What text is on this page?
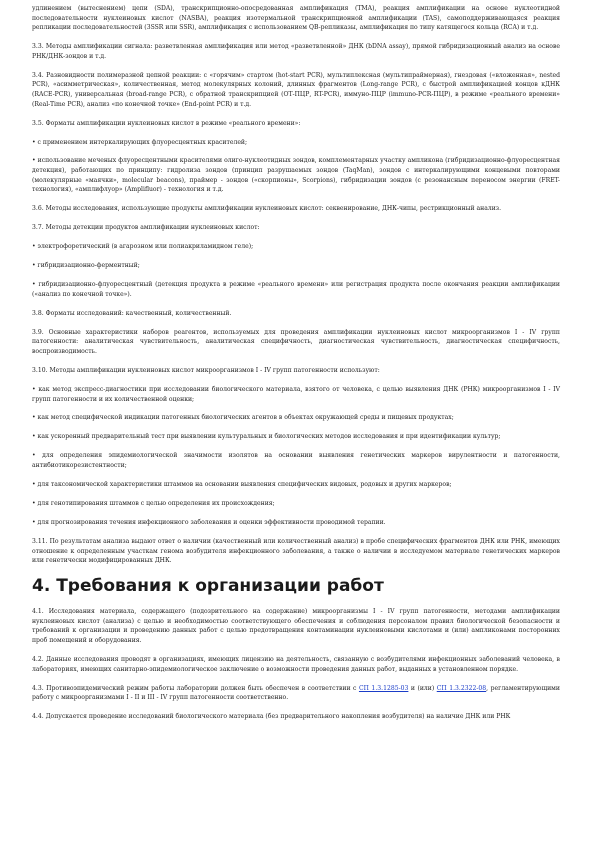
удлинением (вытеснением) цепи (SDA), транскрипционно-опосредованная амплификация (TMA), реакция амплификации на основе нуклеотидной последовательности нуклеиновых кислот (NASBA), реакция изотермальной транскрипционной амплификации (TAS), самоподдерживающаяся реакция репликации последовательностей (3SSR или SSR), амплификация с использованием QB-репликазы, амплификация по типу катящегося кольца (RCA) и т.д.

3.3. Методы амплификации сигнала: разветвленная амплификация или метод «разветвленной» ДНК (bDNA assay), прямой гибридизационный анализ на основе РНК/ДНК-зондов и т.д.

3.4. Разновидности полимеразной цепной реакции: с «горячим» стартом (hot-start PCR), мультиплексная (мультипраймерная), гнездовая («вложенная», nested PCR), «асимметрическая», количественная, метод молекулярных колоний, длинных фрагментов (Long-range PCR), с быстрой амплификацией концов кДНК (RACE-PCR), универсальная (broad-range PCR), с обратной транскрипцией (ОТ-ПЦР, RT-PCR), иммуно-ПЦР (immuno-PCR-ПЦР), в режиме «реального времени» (Real-Time PCR), анализ «по конечной точке» (End-point PCR) и т.д.

3.5. Форматы амплификации нуклеиновых кислот в режиме «реального времени»:

• с применением интеркалирующих флуоресцентных красителей;

• использование меченых флуоресцентными красителями олиго-нуклеотидных зондов, комплементарных участку ампликона (гибридизационно-флуоресцентная детекция), работающих по принципу: гидролиза зондов (принцип разрушаемых зондов (TaqMan), зондов с интеркалирующими концевыми повторами (молекулярные «маячки», molecular beacons), праймер - зондов («скорпионы», Scorpions), гибридизации зондов (с резонансным переносом энергии (FRET-технология), «амплифлуор» (Amplifluor) - технология и т.д.

3.6. Методы исследования, использующие продукты амплификации нуклеиновых кислот: секвенирование, ДНК-чипы, рестрикционный анализ.

3.7. Методы детекции продуктов амплификации нуклеиновых кислот:

• электрофоретический (в агарозном или полиакриламидном геле);

• гибридизационно-ферментный;

• гибридизационно-флуоресцентный (детекция продукта в режиме «реального времени» или регистрация продукта после окончания реакции амплификации («анализ по конечной точке»).

3.8. Форматы исследований: качественный, количественный.

3.9. Основные характеристики наборов реагентов, используемых для проведения амплификации нуклеиновых кислот микроорганизмов I - IV групп патогенности: аналитическая чувствительность, аналитическая специфичность, диагностическая чувствительность, диагностическая специфичность, воспроизводимость.

3.10. Методы амплификации нуклеиновых кислот микроорганизмов I - IV групп патогенности используют:

• как метод экспресс-диагностики при исследовании биологического материала, взятого от человека, с целью выявления ДНК (РНК) микроорганизмов I - IV групп патогенности и их количественной оценки;

• как метод специфической индикации патогенных биологических агентов в объектах окружающей среды и пищевых продуктах;

• как ускоренный предварительный тест при выявлении культуральных и биологических методов исследования и при идентификации культур;

• для определения эпидемиологической значимости изолятов на основании выявления генетических маркеров вирулентности и патогенности, антибиотикорезистентности;

• для таксономической характеристики штаммов на основании выявления специфических видовых, родовых и других маркеров;

• для генотипирования штаммов с целью определения их происхождения;

• для прогнозирования течения инфекционного заболевания и оценки эффективности проводимой терапии.

3.11. По результатам анализа выдают ответ о наличии (качественный или количественный анализ) в пробе специфических фрагментов ДНК или РНК, имеющих отношение к определенным участкам генома возбудителя инфекционного заболевания, а также о наличии в исследуемом материале генетических маркеров или генетически модифицированных ДНК.

4. Требования к организации работ

4.1. Исследования материала, содержащего (подозрительного на содержание) микроорганизмы I - IV групп патогенности, методами амплификации нуклеиновых кислот (анализа) с целью и необходимостью соответствующего обеспечения и соблюдения персоналом правил биологической безопасности и требований к организации и проведению данных работ с целью предотвращения контаминации нуклеиновыми кислотами и (или) ампликонами посторонних проб помещений и оборудования.

4.2. Данные исследования проводят в организациях, имеющих лицензию на деятельность, связанную с возбудителями инфекционных заболеваний человека, в лабораториях, имеющих санитарно-эпидемиологическое заключение о возможности проведения данных работ, выданных в установленном порядке.

4.3. Противоэпидемический режим работы лаборатории должен быть обеспечен в соответствии с СП 1.3.1285-03 и (или) СП 1.3.2322-08, регламентирующими работу с микроорганизмами I - II и III - IV групп патогенности соответственно.

4.4. Допускается проведение исследований биологического материала (без предварительного накопления возбудителя) на наличие ДНК или РНК
